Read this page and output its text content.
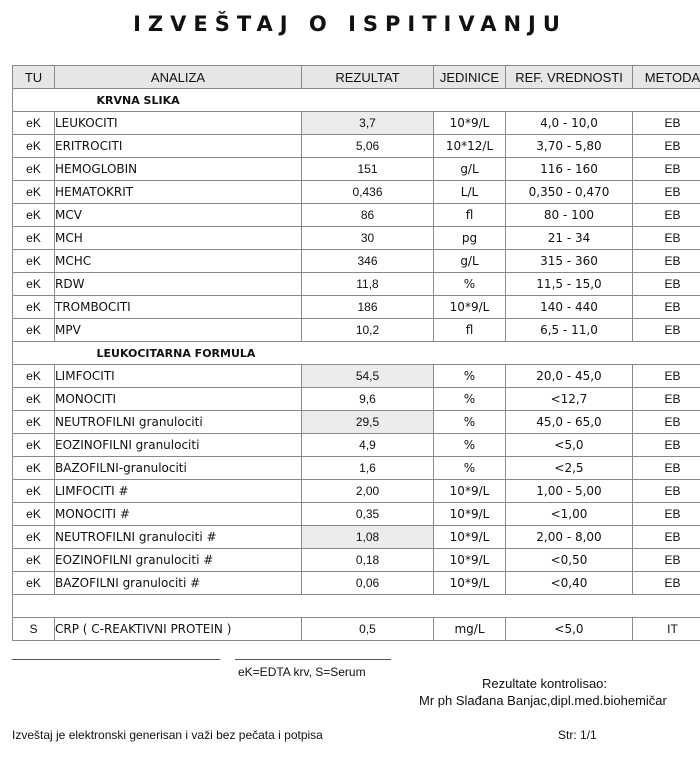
IZVEŠTAJ O ISPITIVANJU
TU	ANALIZA	REZULTAT	JEDINICE	REF. VREDNOSTI	METODA
	KRVNA SLIKA				
eK	LEUKOCITI	3,7	10*9/L	4,0 - 10,0	EB
eK	ERITROCITI	5,06	10*12/L	3,70 - 5,80	EB
eK	HEMOGLOBIN	151	g/L	116 - 160	EB
eK	HEMATOKRIT	0,436	L/L	0,350 - 0,470	EB
eK	MCV	86	fl	80 - 100	EB
eK	MCH	30	pg	21 - 34	EB
eK	MCHC	346	g/L	315 - 360	EB
eK	RDW	11,8	%	11,5 - 15,0	EB
eK	TROMBOCITI	186	10*9/L	140 - 440	EB
eK	MPV	10,2	fl	6,5 - 11,0	EB
	LEUKOCITARNA FORMULA				
eK	LIMFOCITI	54,5	%	20,0 - 45,0	EB
eK	MONOCITI	9,6	%	<12,7	EB
eK	NEUTROFILNI granulociti	29,5	%	45,0 - 65,0	EB
eK	EOZINOFILNI granulociti	4,9	%	<5,0	EB
eK	BAZOFILNI-granulociti	1,6	%	<2,5	EB
eK	LIMFOCITI #	2,00	10*9/L	1,00 - 5,00	EB
eK	MONOCITI #	0,35	10*9/L	<1,00	EB
eK	NEUTROFILNI granulociti #	1,08	10*9/L	2,00 - 8,00	EB
eK	EOZINOFILNI granulociti #	0,18	10*9/L	<0,50	EB
eK	BAZOFILNI granulociti #	0,06	10*9/L	<0,40	EB

S	CRP ( C-REAKTIVNI PROTEIN )	0,5	mg/L	<5,0	IT
eK=EDTA krv, S=Serum
Rezultate kontrolisao:
Mr ph Slađana Banjac,dipl.med.biohemičar
Izveštaj je elektronski generisan i važi bez pečata i potpisa	Str: 1/1
